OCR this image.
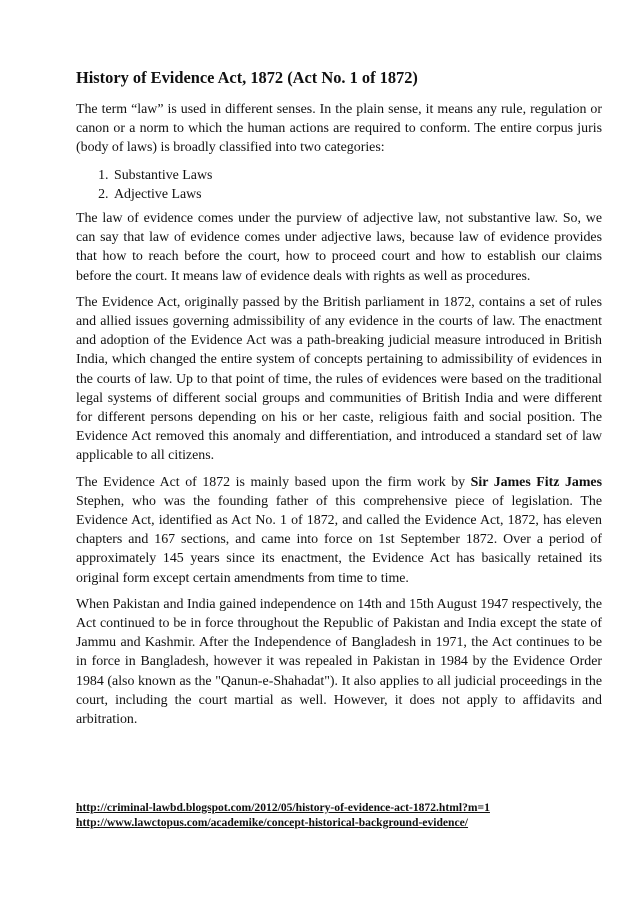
History of Evidence Act, 1872 (Act No. 1 of 1872)

The term “law” is used in different senses. In the plain sense, it means any rule, regulation or canon or a norm to which the human actions are required to conform. The entire corpus juris (body of laws) is broadly classified into two categories:

1. Substantive Laws
2. Adjective Laws

The law of evidence comes under the purview of adjective law, not substantive law. So, we can say that law of evidence comes under adjective laws, because law of evidence provides that how to reach before the court, how to proceed court and how to establish our claims before the court. It means law of evidence deals with rights as well as procedures.

The Evidence Act, originally passed by the British parliament in 1872, contains a set of rules and allied issues governing admissibility of any evidence in the courts of law. The enactment and adoption of the Evidence Act was a path-breaking judicial measure introduced in British India, which changed the entire system of concepts pertaining to admissibility of evidences in the courts of law. Up to that point of time, the rules of evidences were based on the traditional legal systems of different social groups and communities of British India and were different for different persons depending on his or her caste, religious faith and social position. The Evidence Act removed this anomaly and differentiation, and introduced a standard set of law applicable to all citizens.

The Evidence Act of 1872 is mainly based upon the firm work by Sir James Fitz James Stephen, who was the founding father of this comprehensive piece of legislation. The Evidence Act, identified as Act No. 1 of 1872, and called the Evidence Act, 1872, has eleven chapters and 167 sections, and came into force on 1st September 1872. Over a period of approximately 145 years since its enactment, the Evidence Act has basically retained its original form except certain amendments from time to time.

When Pakistan and India gained independence on 14th and 15th August 1947 respectively, the Act continued to be in force throughout the Republic of Pakistan and India except the state of Jammu and Kashmir. After the Independence of Bangladesh in 1971, the Act continues to be in force in Bangladesh, however it was repealed in Pakistan in 1984 by the Evidence Order 1984 (also known as the "Qanun-e-Shahadat"). It also applies to all judicial proceedings in the court, including the court martial as well. However, it does not apply to affidavits and arbitration.

http://criminal-lawbd.blogspot.com/2012/05/history-of-evidence-act-1872.html?m=1
http://www.lawctopus.com/academike/concept-historical-background-evidence/
